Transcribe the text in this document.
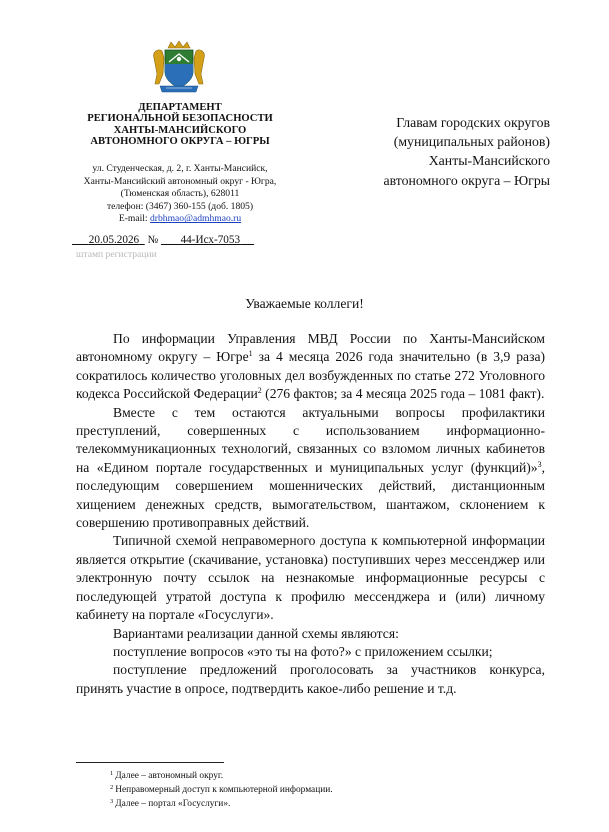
ДЕПАРТАМЕНТ
РЕГИОНАЛЬНОЙ БЕЗОПАСНОСТИ
ХАНТЫ-МАНСИЙСКОГО
АВТОНОМНОГО ОКРУГА – ЮГРЫ
ул. Студенческая, д. 2, г. Ханты-Мансийск,
Ханты-Мансийский автономный округ - Югра,
(Тюменская область), 628011
телефон: (3467) 360-155 (доб. 1805)
E-mail: drbhmao@admhmao.ru
20.05.2026 № 44-Исх-7053
штамп регистрации
Главам городских округов
(муниципальных районов)
Ханты-Мансийского
автономного округа – Югры
Уважаемые коллеги!

По информации Управления МВД России по Ханты-Мансийском автономному округу – Югре$^1$ за 4 месяца 2026 года значительно (в 3,9 раза) сократилось количество уголовных дел возбужденных по статье 272 Уголовного кодекса Российской Федерации$^2$ (276 фактов; за 4 месяца 2025 года – 1081 факт).

Вместе с тем остаются актуальными вопросы профилактики преступлений, совершенных с использованием информационно-телекоммуникационных технологий, связанных со взломом личных кабинетов на «Едином портале государственных и муниципальных услуг (функций)»$^3$, последующим совершением мошеннических действий, дистанционным хищением денежных средств, вымогательством, шантажом, склонением к совершению противоправных действий.

Типичной схемой неправомерного доступа к компьютерной информации является открытие (скачивание, установка) поступивших через мессенджер или электронную почту ссылок на незнакомые информационные ресурсы с последующей утратой доступа к профилю мессенджера и (или) личному кабинету на портале «Госуслуги».

Вариантами реализации данной схемы являются:

поступление вопросов «это ты на фото?» с приложением ссылки;

поступление предложений проголосовать за участников конкурса, принять участие в опросе, подтвердить какое-либо решение и т.д.

$^1$ Далее – автономный округ.
$^2$ Неправомерный доступ к компьютерной информации.
$^3$ Далее – портал «Госуслуги».
